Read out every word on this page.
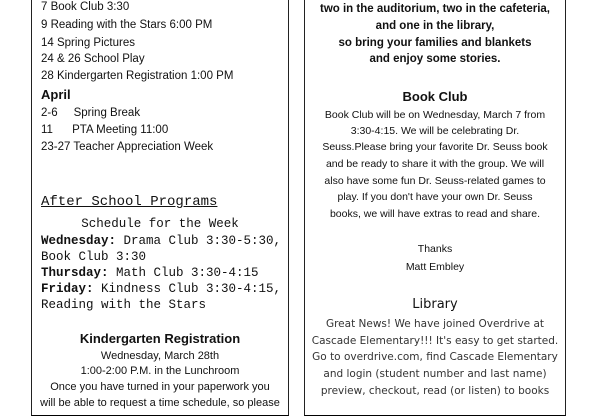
7 Book Club 3:30
9 Reading with the Stars 6:00 PM
14 Spring Pictures
24 & 26 School Play
28 Kindergarten Registration 1:00 PM
April
2-6     Spring Break
11      PTA Meeting 11:00
23-27 Teacher Appreciation Week
After School Programs
Schedule for the Week
Wednesday: Drama Club 3:30-5:30,
Book Club 3:30
Thursday: Math Club 3:30-4:15
Friday: Kindness Club 3:30-4:15,
Reading with the Stars
Kindergarten Registration
Wednesday, March 28th
1:00-2:00 P.M. in the Lunchroom
Once you have turned in your paperwork you
will be able to request a time schedule, so please
two in the auditorium, two in the cafeteria,
and one in the library,
so bring your families and blankets
and enjoy some stories.
Book Club
Book Club will be on Wednesday, March 7 from
3:30-4:15. We will be celebrating Dr.
Seuss.Please bring your favorite Dr. Seuss book
and be ready to share it with the group. We will
also have some fun Dr. Seuss-related games to
play. If you don't have your own Dr. Seuss
books, we will have extras to read and share.
Thanks
Matt Embley
Library
Great News! We have joined Overdrive at
Cascade Elementary!!! It's easy to get started.
Go to overdrive.com, find Cascade Elementary
and login (student number and last name)
preview, checkout, read (or listen) to books
